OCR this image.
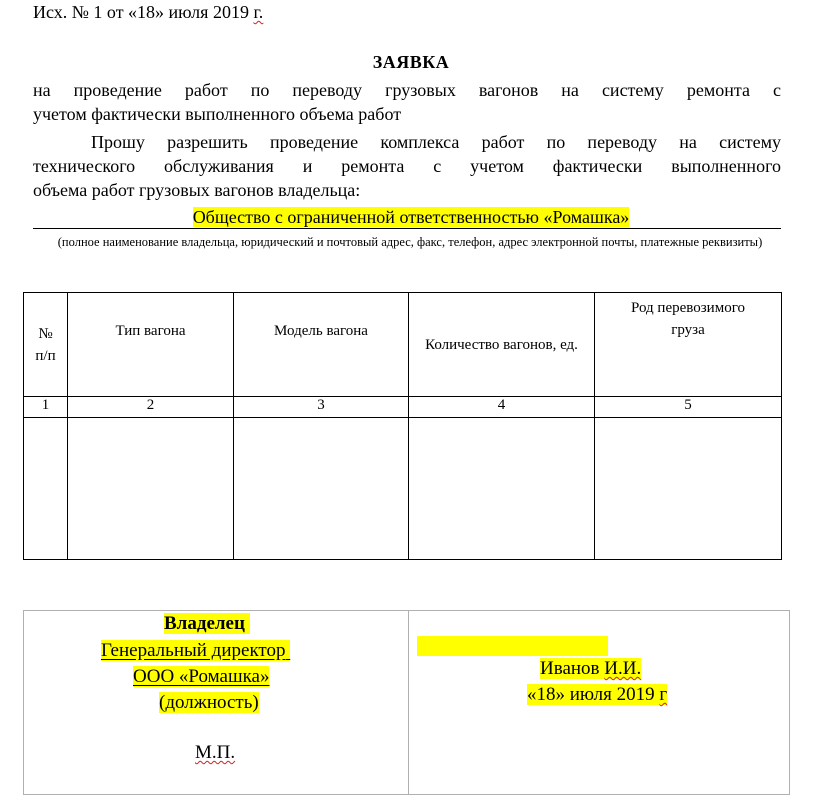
Исх. № 1 от «18» июля 2019 г.
ЗАЯВКА
на проведение работ по переводу грузовых вагонов на систему ремонта с
учетом фактически выполненного объема работ
Прошу разрешить проведение комплекса работ по переводу на систему
технического обслуживания и ремонта с учетом фактически выполненного
объема работ грузовых вагонов владельца:
Общество с ограниченной ответственностью «Ромашка»
(полное наименование владельца, юридический и почтовый адрес, факс, телефон, адрес электронной почты, платежные реквизиты)
№ п/п	Тип вагона	Модель вагона	Количество вагонов, ед.	Род перевозимого груза
1	2	3	4	5

Владелец
Генеральный директор
ООО «Ромашка»
(должность)
М.П.

Иванов И.И.
«18» июля 2019 г
